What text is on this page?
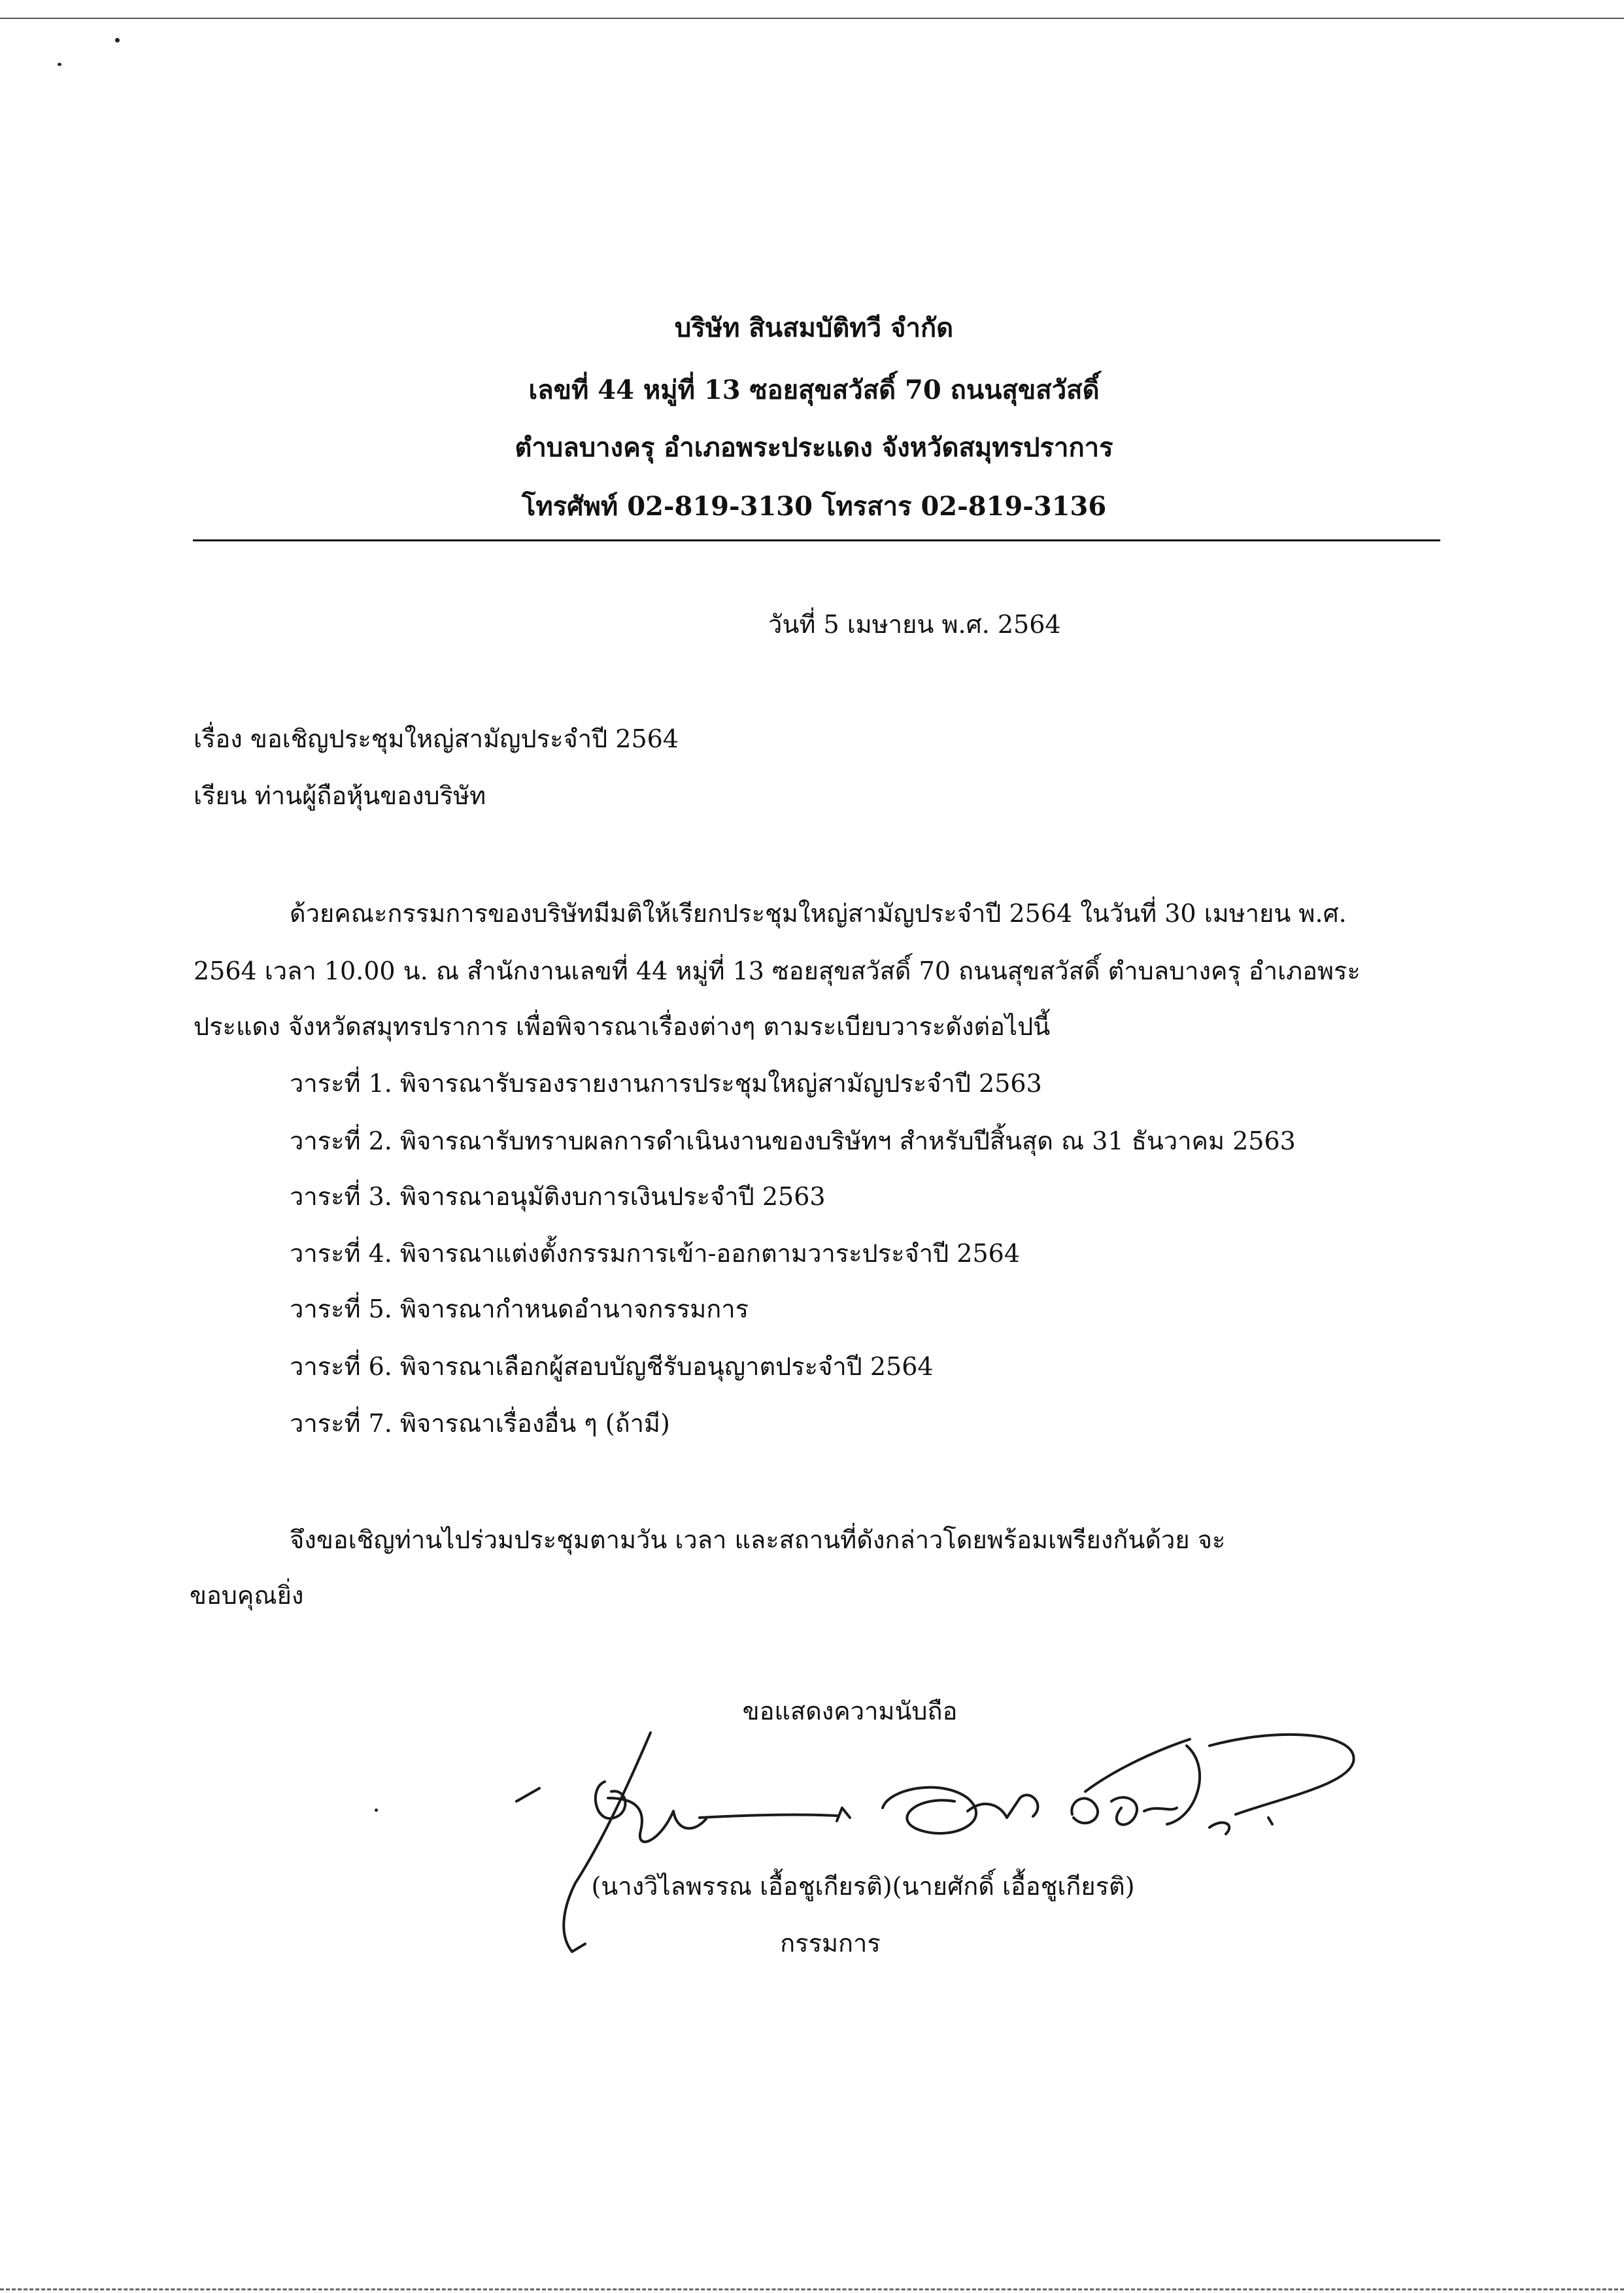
บริษัท สินสมบัติทวี จำกัด
เลขที่ 44 หมู่ที่ 13 ซอยสุขสวัสดิ์ 70 ถนนสุขสวัสดิ์
ตำบลบางครุ อำเภอพระประแดง จังหวัดสมุทรปราการ
โทรศัพท์ 02-819-3130 โทรสาร 02-819-3136
วันที่ 5 เมษายน พ.ศ. 2564
เรื่อง ขอเชิญประชุมใหญ่สามัญประจำปี 2564
เรียน ท่านผู้ถือหุ้นของบริษัท
ด้วยคณะกรรมการของบริษัทมีมติให้เรียกประชุมใหญ่สามัญประจำปี 2564 ในวันที่ 30 เมษายน พ.ศ.
2564 เวลา 10.00 น. ณ สำนักงานเลขที่ 44 หมู่ที่ 13 ซอยสุขสวัสดิ์ 70 ถนนสุขสวัสดิ์ ตำบลบางครุ อำเภอพระ
ประแดง จังหวัดสมุทรปราการ เพื่อพิจารณาเรื่องต่างๆ ตามระเบียบวาระดังต่อไปนี้
วาระที่ 1. พิจารณารับรองรายงานการประชุมใหญ่สามัญประจำปี 2563
วาระที่ 2. พิจารณารับทราบผลการดำเนินงานของบริษัทฯ สำหรับปีสิ้นสุด ณ 31 ธันวาคม 2563
วาระที่ 3. พิจารณาอนุมัติงบการเงินประจำปี 2563
วาระที่ 4. พิจารณาแต่งตั้งกรรมการเข้า-ออกตามวาระประจำปี 2564
วาระที่ 5. พิจารณากำหนดอำนาจกรรมการ
วาระที่ 6. พิจารณาเลือกผู้สอบบัญชีรับอนุญาตประจำปี 2564
วาระที่ 7. พิจารณาเรื่องอื่น ๆ (ถ้ามี)
จึงขอเชิญท่านไปร่วมประชุมตามวัน เวลา และสถานที่ดังกล่าวโดยพร้อมเพรียงกันด้วย จะ
ขอบคุณยิ่ง
ขอแสดงความนับถือ
(นางวิไลพรรณ เอื้อชูเกียรติ)(นายศักดิ์ เอื้อชูเกียรติ)
กรรมการ
